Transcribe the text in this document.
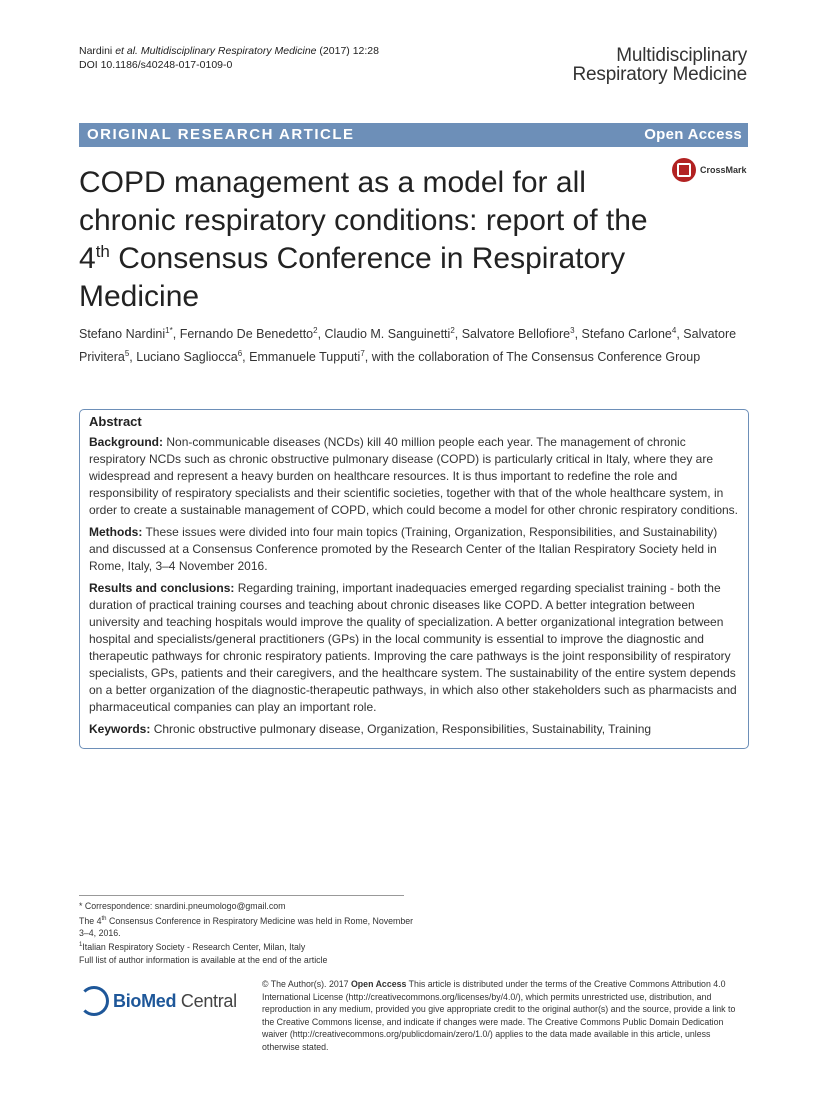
Nardini et al. Multidisciplinary Respiratory Medicine (2017) 12:28
DOI 10.1186/s40248-017-0109-0	Multidisciplinary
Respiratory Medicine
ORIGINAL RESEARCH ARTICLE	Open Access
CrossMark
COPD management as a model for all chronic respiratory conditions: report of the 4th Consensus Conference in Respiratory Medicine
Stefano Nardini$^{1*}$, Fernando De Benedetto$^2$, Claudio M. Sanguinetti$^2$, Salvatore Bellofiore$^3$, Stefano Carlone$^4$, Salvatore Privitera$^5$, Luciano Sagliocca$^6$, Emmanuele Tupputi$^7$, with the collaboration of The Consensus Conference Group
Abstract

Background: Non-communicable diseases (NCDs) kill 40 million people each year. The management of chronic respiratory NCDs such as chronic obstructive pulmonary disease (COPD) is particularly critical in Italy, where they are widespread and represent a heavy burden on healthcare resources. It is thus important to redefine the role and responsibility of respiratory specialists and their scientific societies, together with that of the whole healthcare system, in order to create a sustainable management of COPD, which could become a model for other chronic respiratory conditions.

Methods: These issues were divided into four main topics (Training, Organization, Responsibilities, and Sustainability) and discussed at a Consensus Conference promoted by the Research Center of the Italian Respiratory Society held in Rome, Italy, 3–4 November 2016.

Results and conclusions: Regarding training, important inadequacies emerged regarding specialist training - both the duration of practical training courses and teaching about chronic diseases like COPD. A better integration between university and teaching hospitals would improve the quality of specialization. A better organizational integration between hospital and specialists/general practitioners (GPs) in the local community is essential to improve the diagnostic and therapeutic pathways for chronic respiratory patients. Improving the care pathways is the joint responsibility of respiratory specialists, GPs, patients and their caregivers, and the healthcare system. The sustainability of the entire system depends on a better organization of the diagnostic-therapeutic pathways, in which also other stakeholders such as pharmacists and pharmaceutical companies can play an important role.

Keywords: Chronic obstructive pulmonary disease, Organization, Responsibilities, Sustainability, Training

* Correspondence: snardini.pneumologo@gmail.com
The 4th Consensus Conference in Respiratory Medicine was held in Rome, November 3–4, 2016.
$^1$Italian Respiratory Society - Research Center, Milan, Italy
Full list of author information is available at the end of the article
BioMed Central
© The Author(s). 2017 Open Access This article is distributed under the terms of the Creative Commons Attribution 4.0 International License (http://creativecommons.org/licenses/by/4.0/), which permits unrestricted use, distribution, and reproduction in any medium, provided you give appropriate credit to the original author(s) and the source, provide a link to the Creative Commons license, and indicate if changes were made. The Creative Commons Public Domain Dedication waiver (http://creativecommons.org/publicdomain/zero/1.0/) applies to the data made available in this article, unless otherwise stated.
